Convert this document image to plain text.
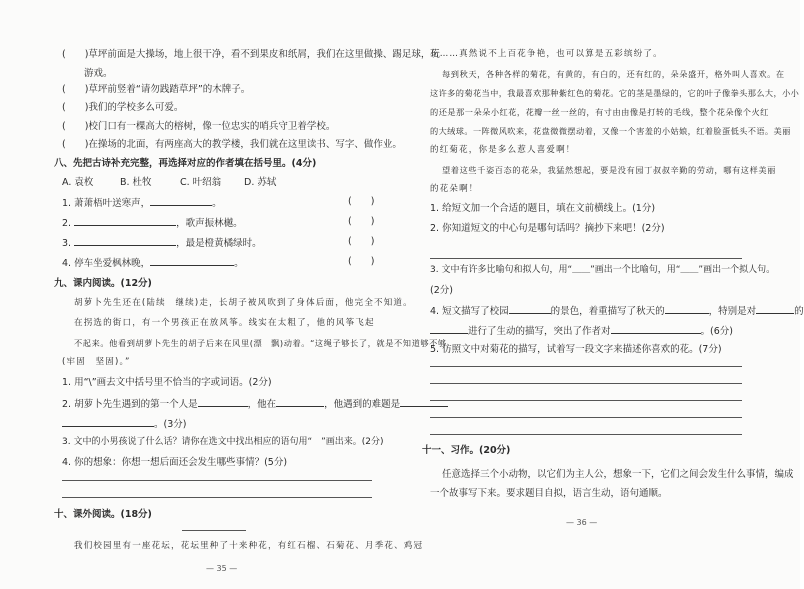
(　　)草坪前面是大操场，地上很干净，看不到果皮和纸屑，我们在这里做操、踢足球，玩
游戏。
(　　)草坪前竖着“请勿践踏草坪”的木牌子。
(　　)我们的学校多么可爱。
(　　)校门口有一棵高大的榕树，像一位忠实的哨兵守卫着学校。
(　　)在操场的北面，有两座高大的教学楼，我们就在这里读书、写字、做作业。
八、先把古诗补充完整，再选择对应的作者填在括号里。(4分)
A. 袁枚	B. 杜牧	C. 叶绍翁 D. 苏轼
1. 萧萧梧叶送寒声，	。	(　　)
2.	，歌声振林樾。	(　　)
3.	，最是橙黄橘绿时。	(　　)
4. 停车坐爱枫林晚，	。	(　　)
九、课内阅读。(12分)
胡萝卜先生还在(陆续　继续)走，长胡子被风吹到了身体后面，他完全不知道。
在拐选的街口，有一个男孩正在放风筝。线实在太粗了，他的风筝飞起
不起来。他看到胡萝卜先生的胡子后来在风里(漂　飘)动着。“这绳子够长了，就是不知道够不够
(牢固　坚固)。”
1. 用“\”画去文中括号里不恰当的字或词语。(2分)
2. 胡萝卜先生遇到的第一个人是	，他在	，他遇到的难题是
。(3分)
3. 文中的小男孩说了什么话？请你在选文中找出相应的语句用“　”画出来。(2分)
4. 你的想象：你想一想后面还会发生哪些事情？(5分)
十、课外阅读。(18分)
我们校园里有一座花坛，花坛里种了十来种花，有红石榴、石菊花、月季花、鸡冠
— 35 —
花……真然说不上百花争艳，也可以算是五彩缤纷了。
每到秋天，各种各样的菊花，有黄的，有白的，还有红的，朵朵盛开，格外叫人喜欢。在
这许多的菊花当中，我最喜欢那种紫红色的菊花。它的茎是墨绿的，它的叶子像拳头那么大，小小
的还是那一朵朵小红花，花瓣一丝一丝的，有寸由由像是打转的毛线，整个花朵像个火红
的大绒球。一阵微风吹来，花盘微微摆动着，又像一个害羞的小姑娘，红着脸蛋低头不语。美丽
的红菊花，你是多么惹人喜爱啊！
望着这些千姿百态的花朵，我猛然想起，要是没有园丁叔叔辛勤的劳动，哪有这样美丽
的花朵啊！
1. 给短文加一个合适的题目，填在文前横线上。(1分)
2. 你知道短文的中心句是哪句话吗？摘抄下来吧！(2分)
3. 文中有许多比喻句和拟人句，用“＿＿”画出一个比喻句，用“＿＿”画出一个拟人句。
(2分)
4. 短文描写了校园	的景色，着重描写了秋天的	，特别是对	的
进行了生动的描写，突出了作者对	。(6分)
5. 仿照文中对菊花的描写，试着写一段文字来描述你喜欢的花。(7分)
十一、习作。(20分)
任意选择三个小动物，以它们为主人公，想象一下，它们之间会发生什么事情，编成
一个故事写下来。要求题目自拟，语言生动，语句通顺。
— 36 —
